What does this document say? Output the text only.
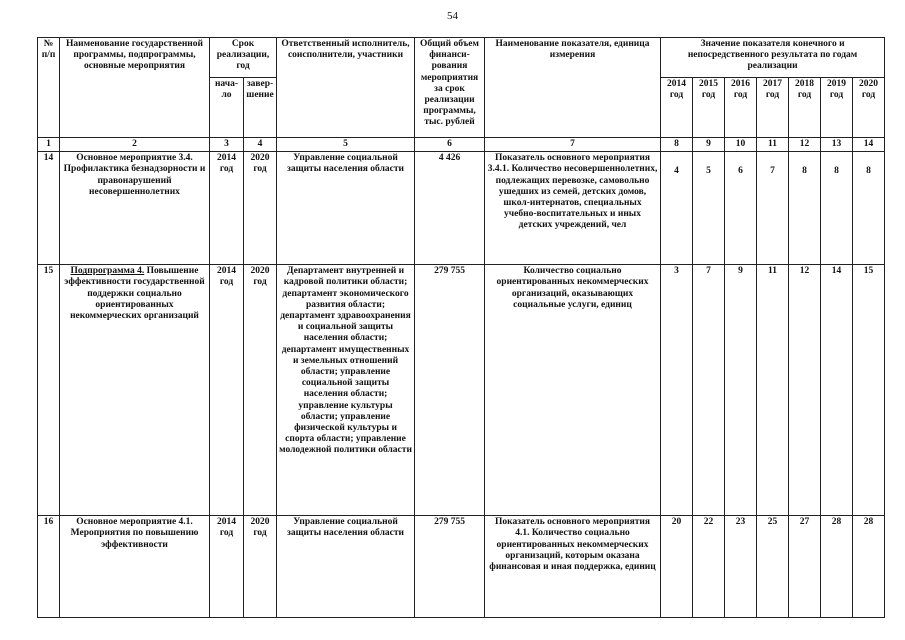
54
№ п/п	Наименование государственной программы, подпрограммы, основные мероприятия	Срок реализации, год		Ответственный исполнитель, соисполнители, участники	Общий объем финанси-рования мероприятия за срок реализации программы, тыс. рублей	Наименование показателя, единица измерения	Значение показателя конечного и непосредственного результата по годам реализации						
		нача-ло	завер-шение				2014 год	2015 год	2016 год	2017 год	2018 год	2019 год	2020 год
1	2	3	4	5	6	7	8	9	10	11	12	13	14
14	Основное мероприятие 3.4. Профилактика безнадзорности и правонарушений несовершеннолетних	2014 год	2020 год	Управление социальной защиты населения области	4 426	Показатель основного мероприятия 3.4.1. Количество несовершеннолетних, подлежащих перевозке, самовольно ушедших из семей, детских домов, школ-интернатов, специальных учебно-воспитательных и иных детских учреждений, чел	4	5	6	7	8	8	8
15	Подпрограмма 4. Повышение эффективности государственной поддержки социально ориентированных некоммерческих организаций	2014 год	2020 год	Департамент внутренней и кадровой политики области; департамент экономического развития области; департамент здравоохранения и социальной защиты населения области; департамент имущественных и земельных отношений области; управление социальной защиты населения области; управление культуры области; управление физической культуры и спорта области; управление молодежной политики области	279 755	Количество социально ориентированных некоммерческих организаций, оказывающих социальные услуги, единиц	3	7	9	11	12	14	15
16	Основное мероприятие 4.1. Мероприятия по повышению эффективности	2014 год	2020 год	Управление социальной защиты населения области	279 755	Показатель основного мероприятия 4.1. Количество социально ориентированных некоммерческих организаций, которым оказана финансовая и иная поддержка, единиц	20	22	23	25	27	28	28
